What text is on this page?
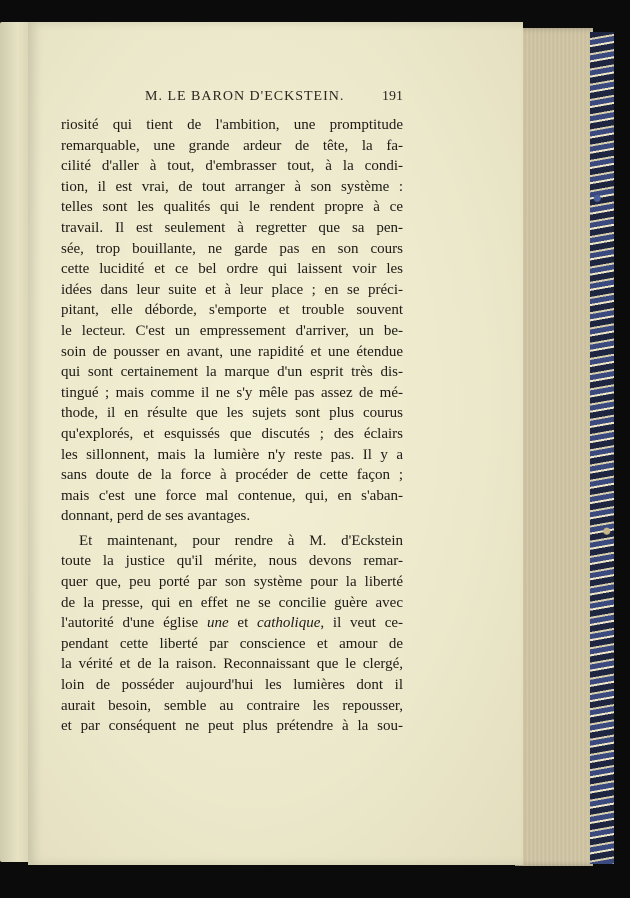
M. LE BARON D'ECKSTEIN.	191
riosité qui tient de l'ambition, une promptitude
remarquable, une grande ardeur de tête, la fa-
cilité d'aller à tout, d'embrasser tout, à la condi-
tion, il est vrai, de tout arranger à son système :
telles sont les qualités qui le rendent propre à ce
travail. Il est seulement à regretter que sa pen-
sée, trop bouillante, ne garde pas en son cours
cette lucidité et ce bel ordre qui laissent voir les
idées dans leur suite et à leur place ; en se préci-
pitant, elle déborde, s'emporte et trouble souvent
le lecteur. C'est un empressement d'arriver, un be-
soin de pousser en avant, une rapidité et une étendue
qui sont certainement la marque d'un esprit très dis-
tingué ; mais comme il ne s'y mêle pas assez de mé-
thode, il en résulte que les sujets sont plus courus
qu'explorés, et esquissés que discutés ; des éclairs
les sillonnent, mais la lumière n'y reste pas. Il y a
sans doute de la force à procéder de cette façon ;
mais c'est une force mal contenue, qui, en s'aban-
donnant, perd de ses avantages.
Et maintenant, pour rendre à M. d'Eckstein
toute la justice qu'il mérite, nous devons remar-
quer que, peu porté par son système pour la liberté
de la presse, qui en effet ne se concilie guère avec
l'autorité d'une église une et catholique, il veut ce-
pendant cette liberté par conscience et amour de
la vérité et de la raison. Reconnaissant que le clergé,
loin de posséder aujourd'hui les lumières dont il
aurait besoin, semble au contraire les repousser,
et par conséquent ne peut plus prétendre à la sou-
